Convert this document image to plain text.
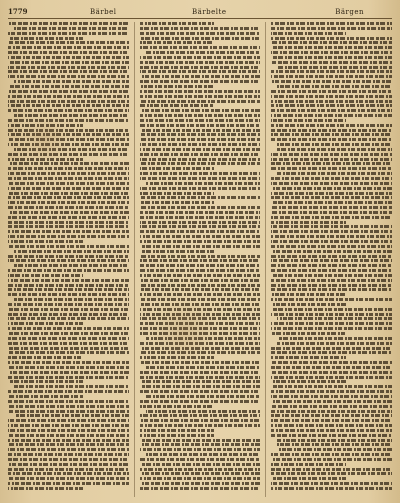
1779	Bärbel	Bärbelte	Bärgen
